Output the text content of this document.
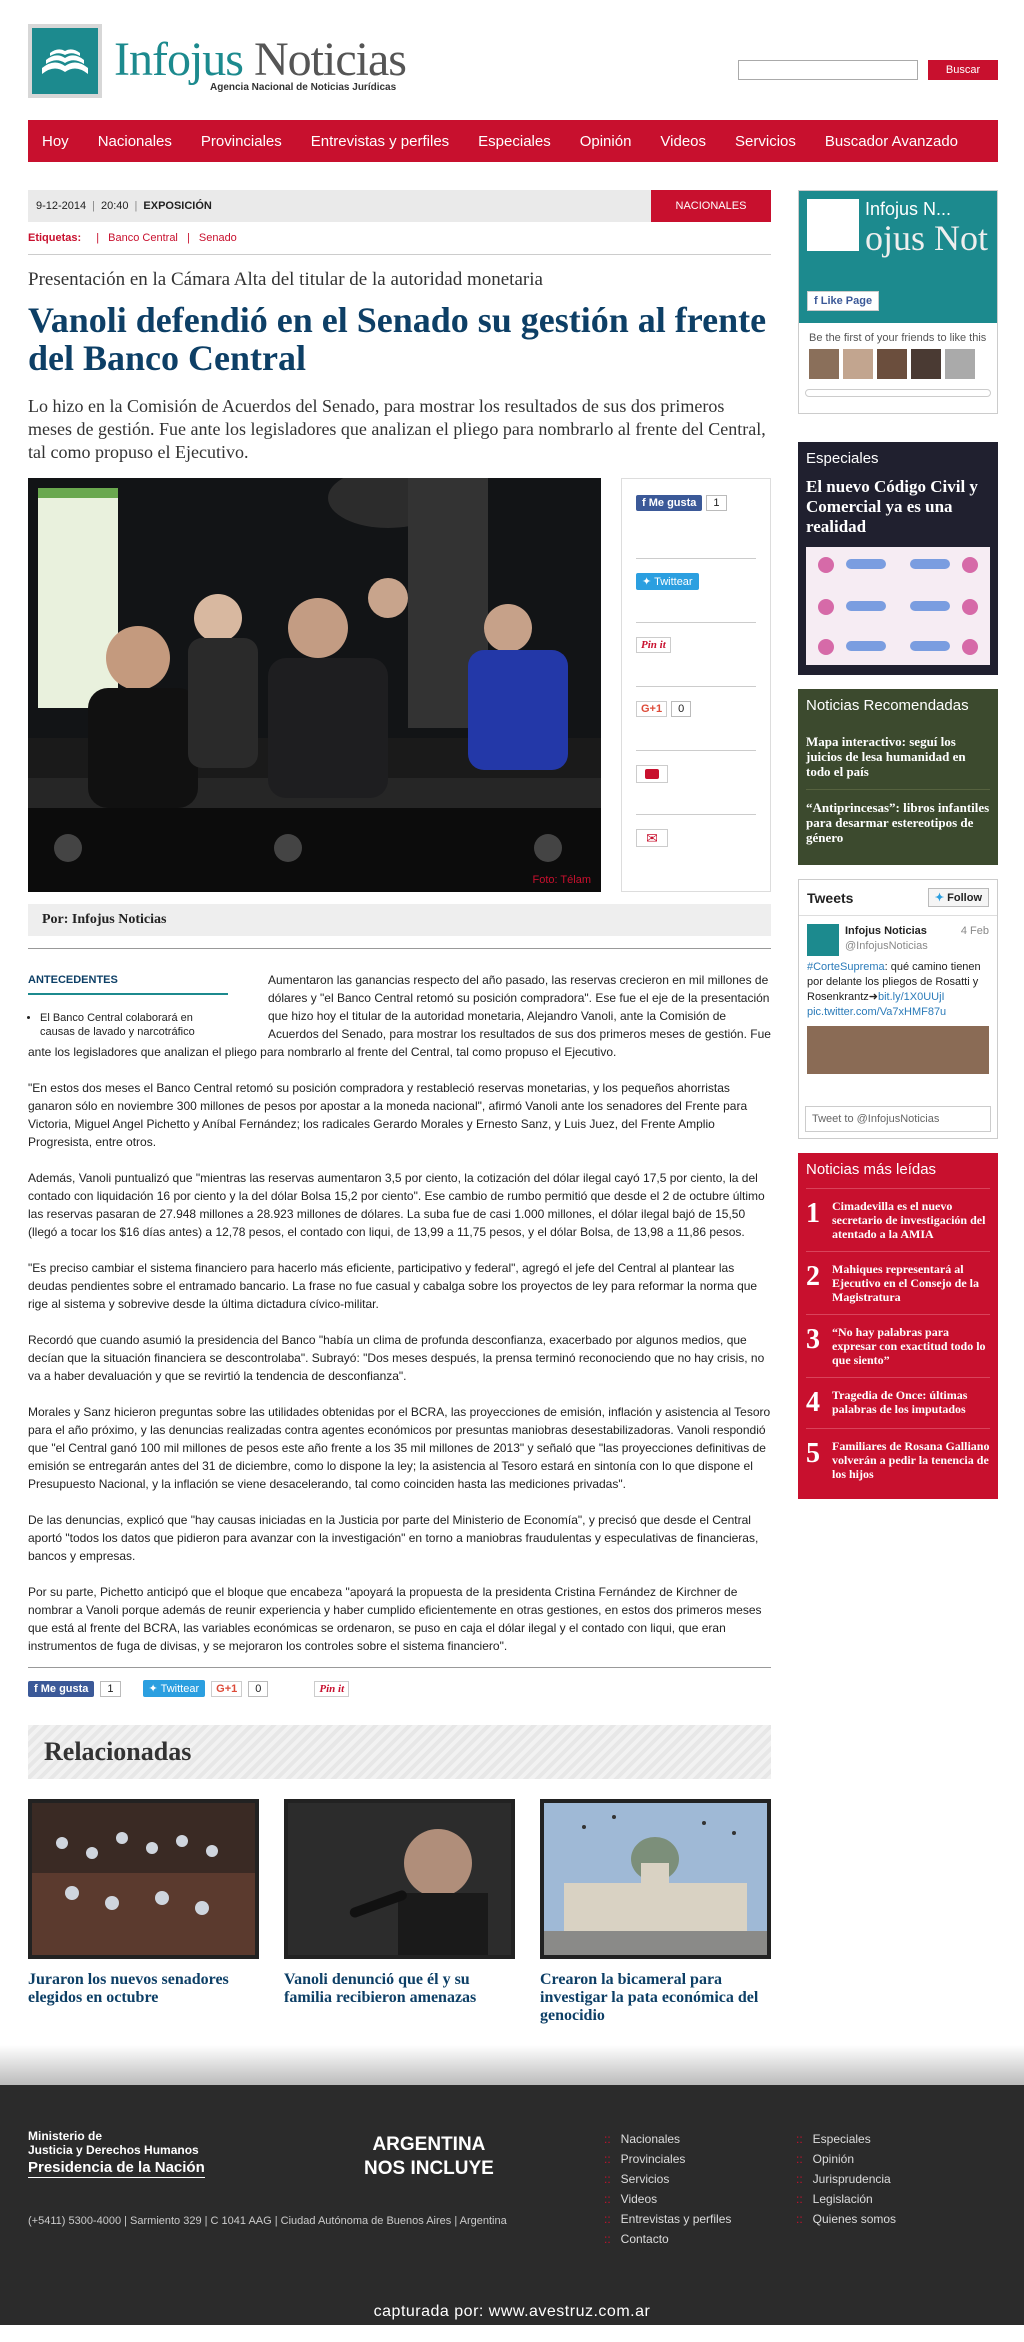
Infojus Noticias
Agencia Nacional de Noticias Jurídicas
Buscar
Hoy Nacionales Provinciales Entrevistas y perfiles Especiales Opinión Videos Servicios Buscador Avanzado
9-12-2014 | 20:40 | EXPOSICIÓN	NACIONALES
Etiquetas: | Banco Central | Senado
Presentación en la Cámara Alta del titular de la autoridad monetaria
Vanoli defendió en el Senado su gestión al frente del Banco Central
Lo hizo en la Comisión de Acuerdos del Senado, para mostrar los resultados de sus dos primeros meses de gestión. Fue ante los legisladores que analizan el pliego para nombrarlo al frente del Central, tal como propuso el Ejecutivo.
Foto: Télam
f Me gusta	1
✦ Twittear
Pin it
G+1	0
✉
Por: Infojus Noticias
ANTECEDENTES
• El Banco Central colaborará en causas de lavado y narcotráfico

Aumentaron las ganancias respecto del año pasado, las reservas crecieron en mil millones de dólares y "el Banco Central retomó su posición compradora". Ese fue el eje de la presentación que hizo hoy el titular de la autoridad monetaria, Alejandro Vanoli, ante la Comisión de Acuerdos del Senado, para mostrar los resultados de sus dos primeros meses de gestión. Fue ante los legisladores que analizan el pliego para nombrarlo al frente del Central, tal como propuso el Ejecutivo.

"En estos dos meses el Banco Central retomó su posición compradora y restableció reservas monetarias, y los pequeños ahorristas ganaron sólo en noviembre 300 millones de pesos por apostar a la moneda nacional", afirmó Vanoli ante los senadores del Frente para Victoria, Miguel Angel Pichetto y Aníbal Fernández; los radicales Gerardo Morales y Ernesto Sanz, y Luis Juez, del Frente Amplio Progresista, entre otros.

Además, Vanoli puntualizó que "mientras las reservas aumentaron 3,5 por ciento, la cotización del dólar ilegal cayó 17,5 por ciento, la del contado con liquidación 16 por ciento y la del dólar Bolsa 15,2 por ciento". Ese cambio de rumbo permitió que desde el 2 de octubre último las reservas pasaran de 27.948 millones a 28.923 millones de dólares. La suba fue de casi 1.000 millones, el dólar ilegal bajó de 15,50 (llegó a tocar los $16 días antes) a 12,78 pesos, el contado con liqui, de 13,99 a 11,75 pesos, y el dólar Bolsa, de 13,98 a 11,86 pesos.

"Es preciso cambiar el sistema financiero para hacerlo más eficiente, participativo y federal", agregó el jefe del Central al plantear las deudas pendientes sobre el entramado bancario. La frase no fue casual y cabalga sobre los proyectos de ley para reformar la norma que rige al sistema y sobrevive desde la última dictadura cívico-militar.

Recordó que cuando asumió la presidencia del Banco "había un clima de profunda desconfianza, exacerbado por algunos medios, que decían que la situación financiera se descontrolaba". Subrayó: "Dos meses después, la prensa terminó reconociendo que no hay crisis, no va a haber devaluación y que se revirtió la tendencia de desconfianza".

Morales y Sanz hicieron preguntas sobre las utilidades obtenidas por el BCRA, las proyecciones de emisión, inflación y asistencia al Tesoro para el año próximo, y las denuncias realizadas contra agentes económicos por presuntas maniobras desestabilizadoras. Vanoli respondió que "el Central ganó 100 mil millones de pesos este año frente a los 35 mil millones de 2013" y señaló que "las proyecciones definitivas de emisión se entregarán antes del 31 de diciembre, como lo dispone la ley; la asistencia al Tesoro estará en sintonía con lo que dispone el Presupuesto Nacional, y la inflación se viene desacelerando, tal como coinciden hasta las mediciones privadas".

De las denuncias, explicó que "hay causas iniciadas en la Justicia por parte del Ministerio de Economía", y precisó que desde el Central aportó "todos los datos que pidieron para avanzar con la investigación" en torno a maniobras fraudulentas y especulativas de financieras, bancos y empresas.

Por su parte, Pichetto anticipó que el bloque que encabeza "apoyará la propuesta de la presidenta Cristina Fernández de Kirchner de nombrar a Vanoli porque además de reunir experiencia y haber cumplido eficientemente en otras gestiones, en estos dos primeros meses que está al frente del BCRA, las variables económicas se ordenaron, se puso en caja el dólar ilegal y el contado con liqui, que eran instrumentos de fuga de divisas, y se mejoraron los controles sobre el sistema financiero".

f Me gusta	1	✦ Twittear	G+1	0	Pin it
Relacionadas
Juraron los nuevos senadores elegidos en octubre
Vanoli denunció que él y su familia recibieron amenazas
Crearon la bicameral para investigar la pata económica del genocidio
Infojus N...
ojus Not
f Like Page
Be the first of your friends to like this
Especiales
El nuevo Código Civil y Comercial ya es una realidad
Noticias Recomendadas
Mapa interactivo: seguí los juicios de lesa humanidad en todo el país
“Antiprincesas”: libros infantiles para desarmar estereotipos de género
Tweets	✦ Follow
Infojus Noticias	4 Feb
@InfojusNoticias
#CorteSuprema: qué camino tienen por delante los pliegos de Rosatti y Rosenkrantz➜bit.ly/1X0UUjI
pic.twitter.com/Va7xHMF87u
Tweet to @InfojusNoticias
Noticias más leídas
1 Cimadevilla es el nuevo secretario de investigación del atentado a la AMIA
2 Mahiques representará al Ejecutivo en el Consejo de la Magistratura
3 “No hay palabras para expresar con exactitud todo lo que siento”
4 Tragedia de Once: últimas palabras de los imputados
5 Familiares de Rosana Galliano volverán a pedir la tenencia de los hijos
Ministerio de
Justicia y Derechos Humanos
Presidencia de la Nación
ARGENTINA
NOS INCLUYE
(+5411) 5300-4000 | Sarmiento 329 | C 1041 AAG | Ciudad Autónoma de Buenos Aires | Argentina
:: Nacionales
:: Provinciales
:: Servicios
:: Videos
:: Entrevistas y perfiles
:: Contacto
:: Especiales
:: Opinión
:: Jurisprudencia
:: Legislación
:: Quienes somos
capturada por: www.avestruz.com.ar
